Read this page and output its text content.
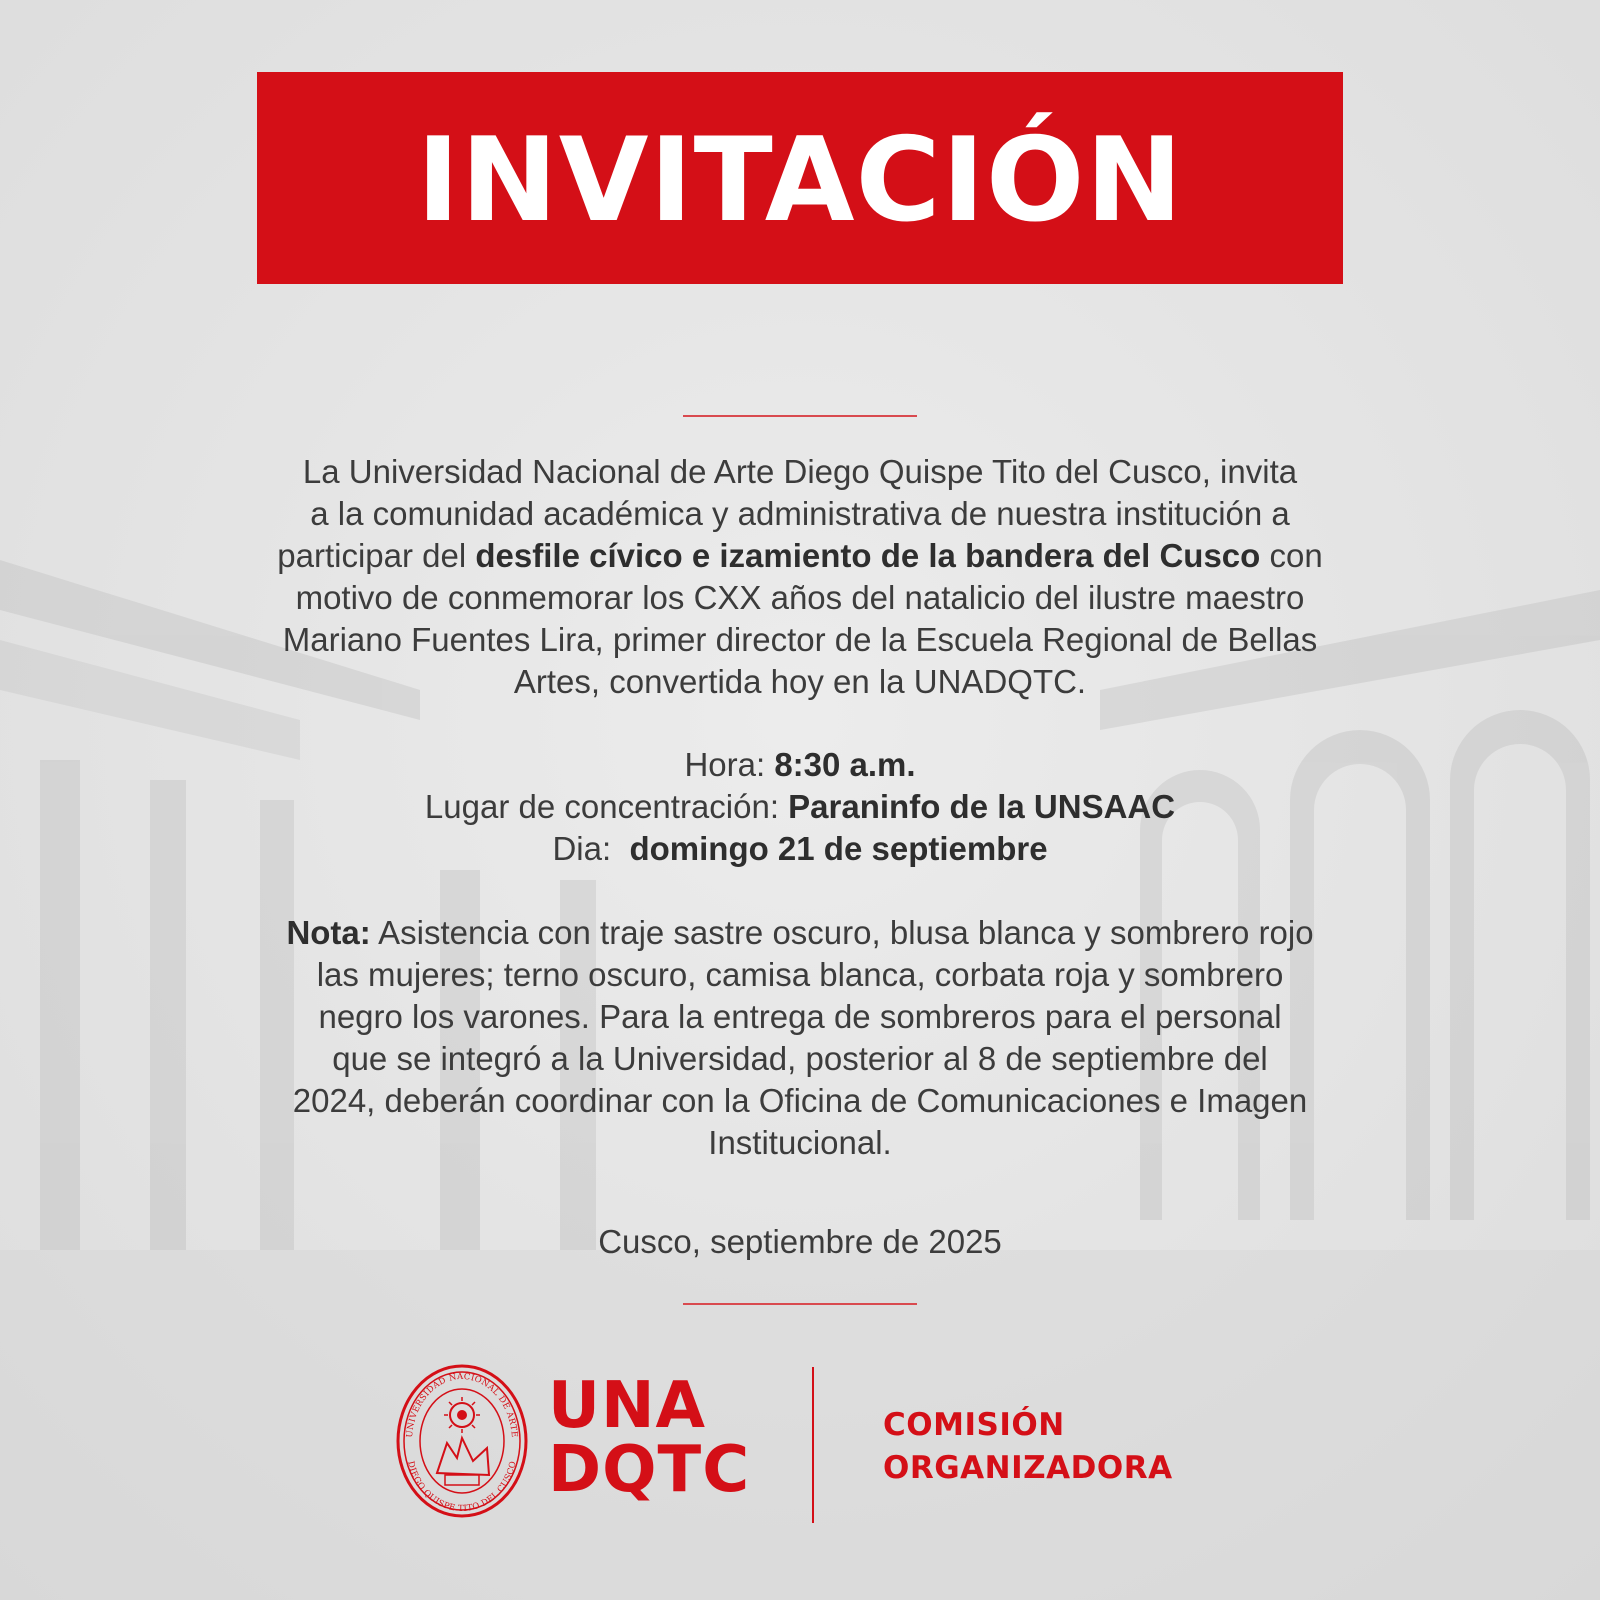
INVITACIÓN

La Universidad Nacional de Arte Diego Quispe Tito del Cusco, invita

a la comunidad académica y administrativa de nuestra institución a

participar del desfile cívico e izamiento de la bandera del Cusco con

motivo de conmemorar los CXX años del natalicio del ilustre maestro

Mariano Fuentes Lira, primer director de la Escuela Regional de Bellas

Artes, convertida hoy en la UNADQTC.

Hora: 8:30 a.m.
Lugar de concentración: Paraninfo de la UNSAAC
Dia:  domingo 21 de septiembre

Nota: Asistencia con traje sastre oscuro, blusa blanca y sombrero rojo

las mujeres; terno oscuro, camisa blanca, corbata roja y sombrero

negro los varones. Para la entrega de sombreros para el personal

que se integró a la Universidad, posterior al 8 de septiembre del

2024, deberán coordinar con la Oficina de Comunicaciones e Imagen

Institucional.

Cusco, septiembre de 2025
UNIVERSIDAD NACIONAL DE ARTE
DIEGO QUISPE TITO DEL CUSCO
UNA
DQTC
COMISIÓN
ORGANIZADORA
